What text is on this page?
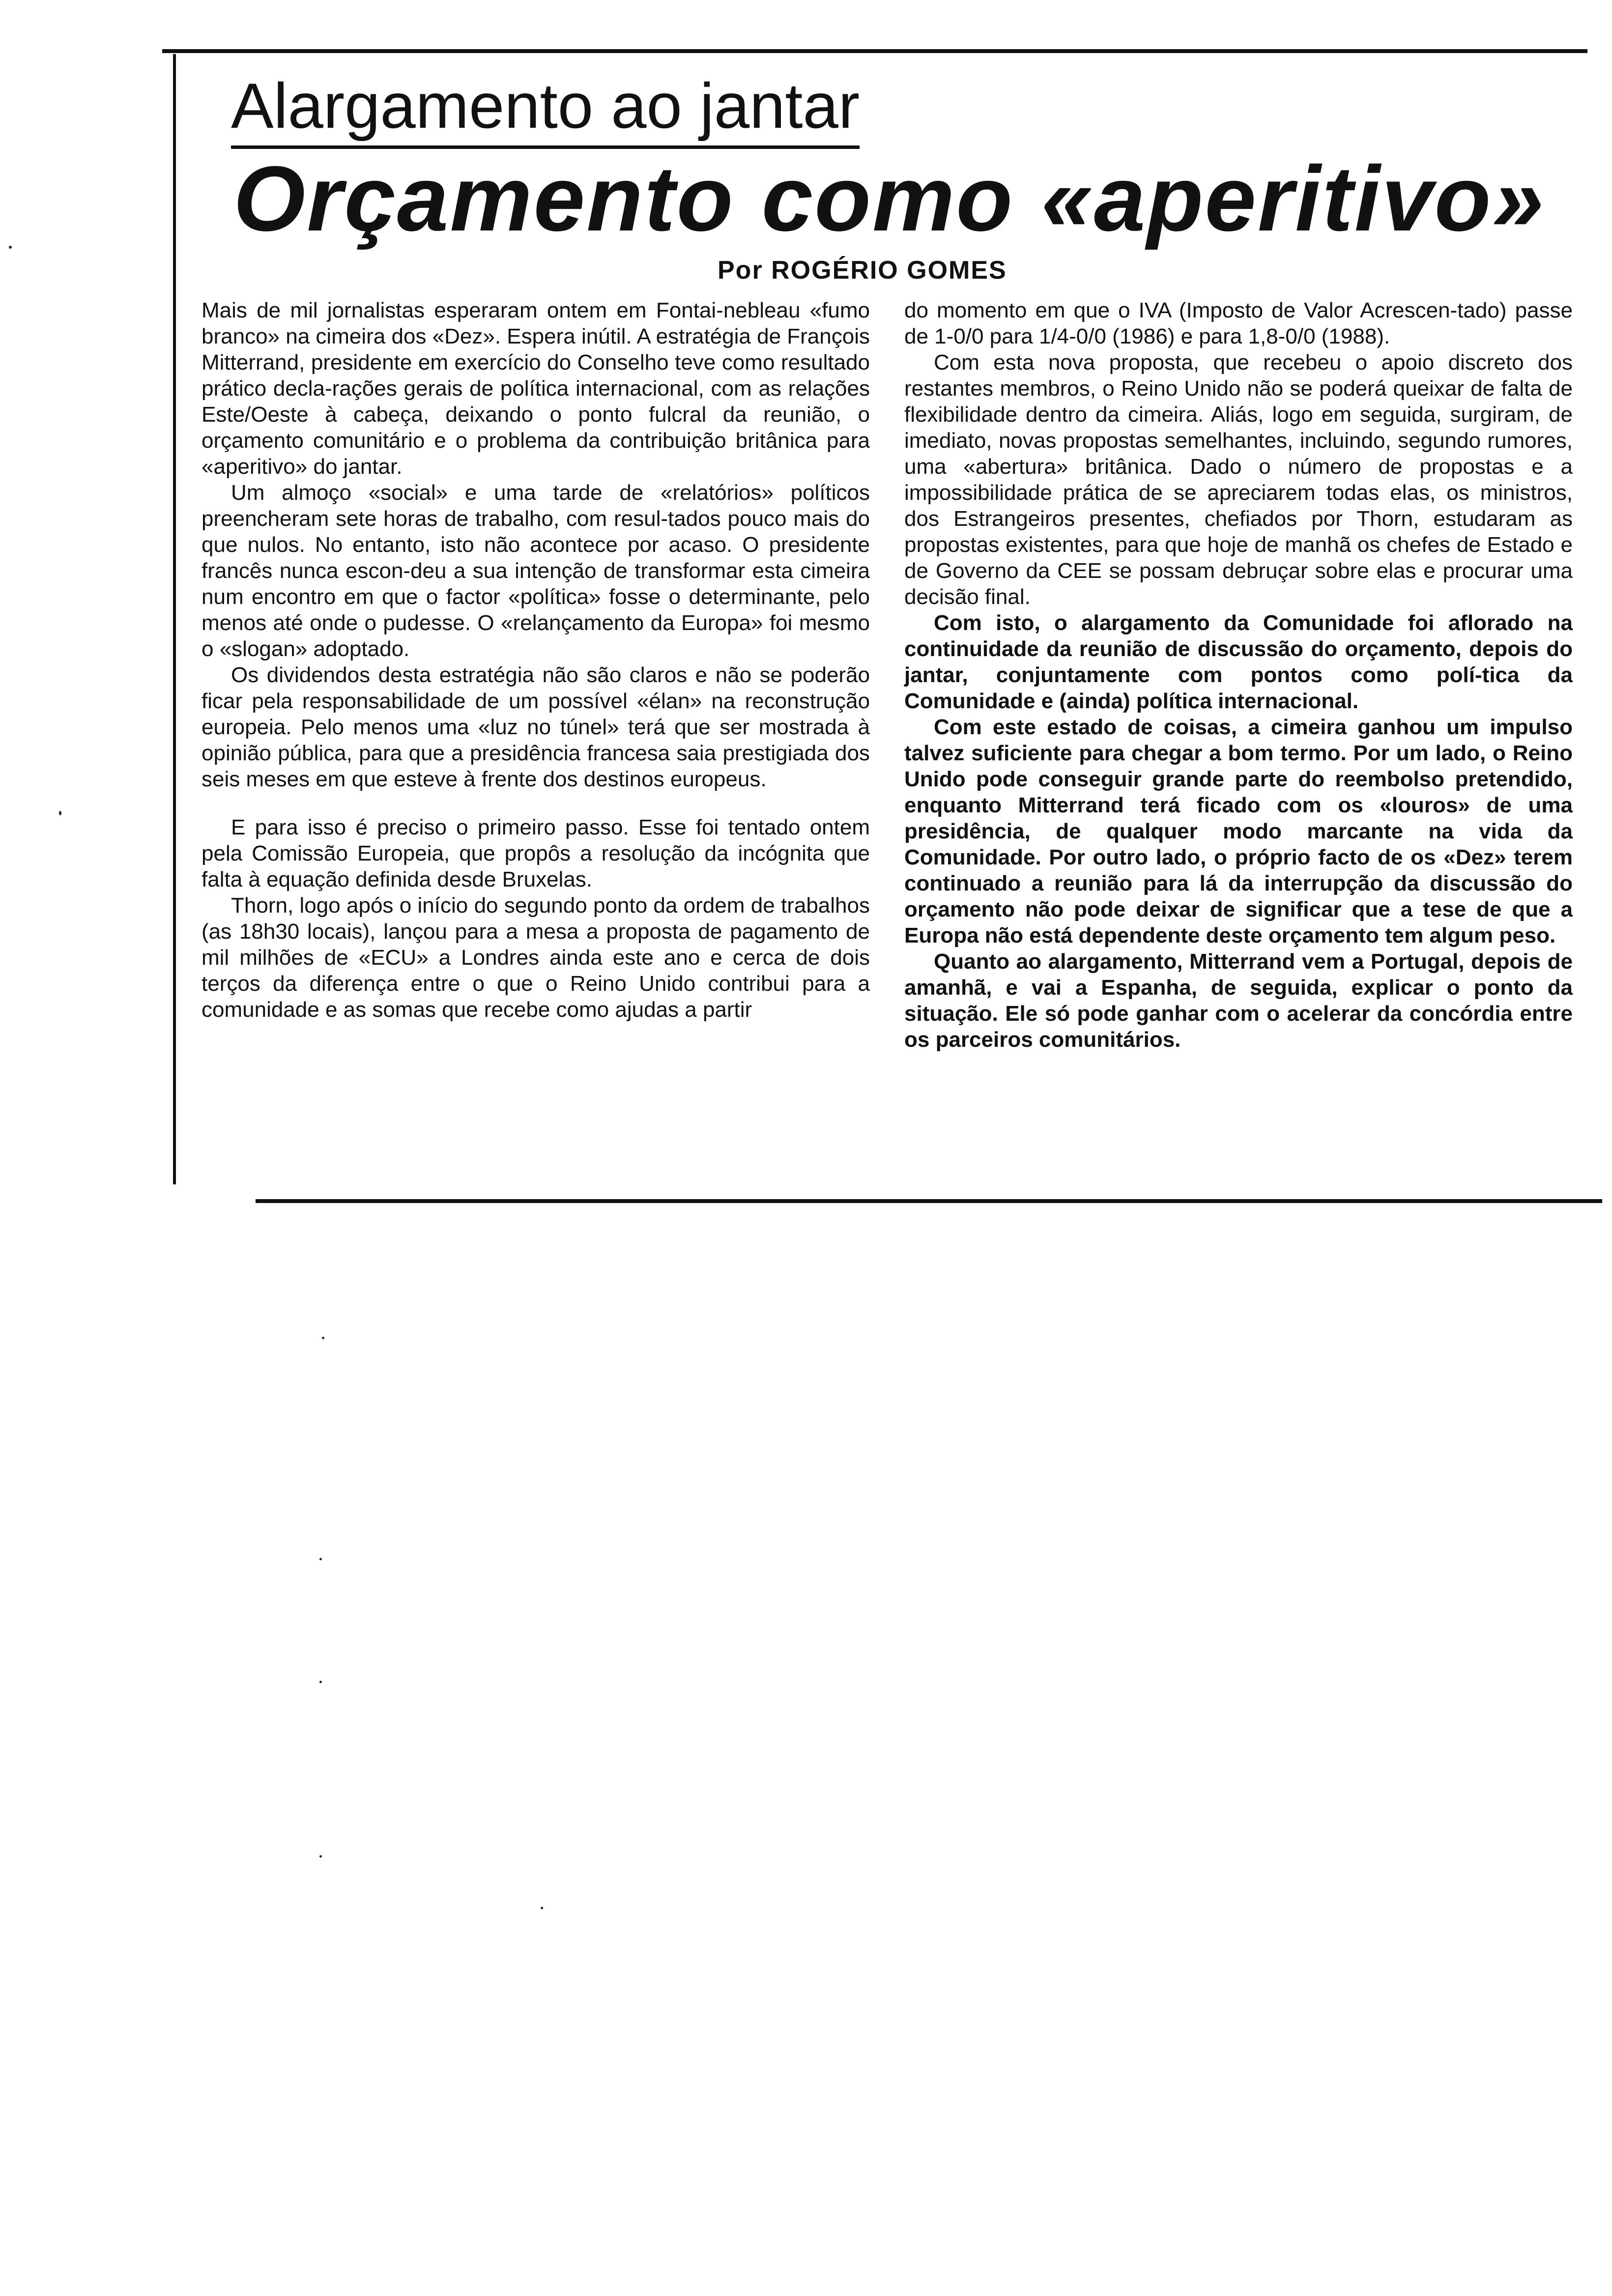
Alargamento ao jantar
Orçamento como «aperitivo»
Por ROGÉRIO GOMES

Mais de mil jornalistas esperaram ontem em Fontai-nebleau «fumo branco» na cimeira dos «Dez». Espera inútil. A estratégia de François Mitterrand, presidente em exercício do Conselho teve como resultado prático decla-rações gerais de política internacional, com as relações Este/Oeste à cabeça, deixando o ponto fulcral da reunião, o orçamento comunitário e o problema da contribuição britânica para «aperitivo» do jantar.

Um almoço «social» e uma tarde de «relatórios» políticos preencheram sete horas de trabalho, com resul-tados pouco mais do que nulos. No entanto, isto não acontece por acaso. O presidente francês nunca escon-deu a sua intenção de transformar esta cimeira num encontro em que o factor «política» fosse o determinante, pelo menos até onde o pudesse. O «relançamento da Europa» foi mesmo o «slogan» adoptado.

Os dividendos desta estratégia não são claros e não se poderão ficar pela responsabilidade de um possível «élan» na reconstrução europeia. Pelo menos uma «luz no túnel» terá que ser mostrada à opinião pública, para que a presidência francesa saia prestigiada dos seis meses em que esteve à frente dos destinos europeus.

E para isso é preciso o primeiro passo. Esse foi tentado ontem pela Comissão Europeia, que propôs a resolução da incógnita que falta à equação definida desde Bruxelas.

Thorn, logo após o início do segundo ponto da ordem de trabalhos (as 18h30 locais), lançou para a mesa a proposta de pagamento de mil milhões de «ECU» a Londres ainda este ano e cerca de dois terços da diferença entre o que o Reino Unido contribui para a comunidade e as somas que recebe como ajudas a partir

do momento em que o IVA (Imposto de Valor Acrescen-tado) passe de 1-0/0 para 1/4-0/0 (1986) e para 1,8-0/0 (1988).

Com esta nova proposta, que recebeu o apoio discreto dos restantes membros, o Reino Unido não se poderá queixar de falta de flexibilidade dentro da cimeira. Aliás, logo em seguida, surgiram, de imediato, novas propostas semelhantes, incluindo, segundo rumores, uma «abertura» britânica. Dado o número de propostas e a impossibilidade prática de se apreciarem todas elas, os ministros, dos Estrangeiros presentes, chefiados por Thorn, estudaram as propostas existentes, para que hoje de manhã os chefes de Estado e de Governo da CEE se possam debruçar sobre elas e procurar uma decisão final.

Com isto, o alargamento da Comunidade foi aflorado na continuidade da reunião de discussão do orçamento, depois do jantar, conjuntamente com pontos como polí-tica da Comunidade e (ainda) política internacional.

Com este estado de coisas, a cimeira ganhou um impulso talvez suficiente para chegar a bom termo. Por um lado, o Reino Unido pode conseguir grande parte do reembolso pretendido, enquanto Mitterrand terá ficado com os «louros» de uma presidência, de qualquer modo marcante na vida da Comunidade. Por outro lado, o próprio facto de os «Dez» terem continuado a reunião para lá da interrupção da discussão do orçamento não pode deixar de significar que a tese de que a Europa não está dependente deste orçamento tem algum peso.

Quanto ao alargamento, Mitterrand vem a Portugal, depois de amanhã, e vai a Espanha, de seguida, explicar o ponto da situação. Ele só pode ganhar com o acelerar da concórdia entre os parceiros comunitários.
